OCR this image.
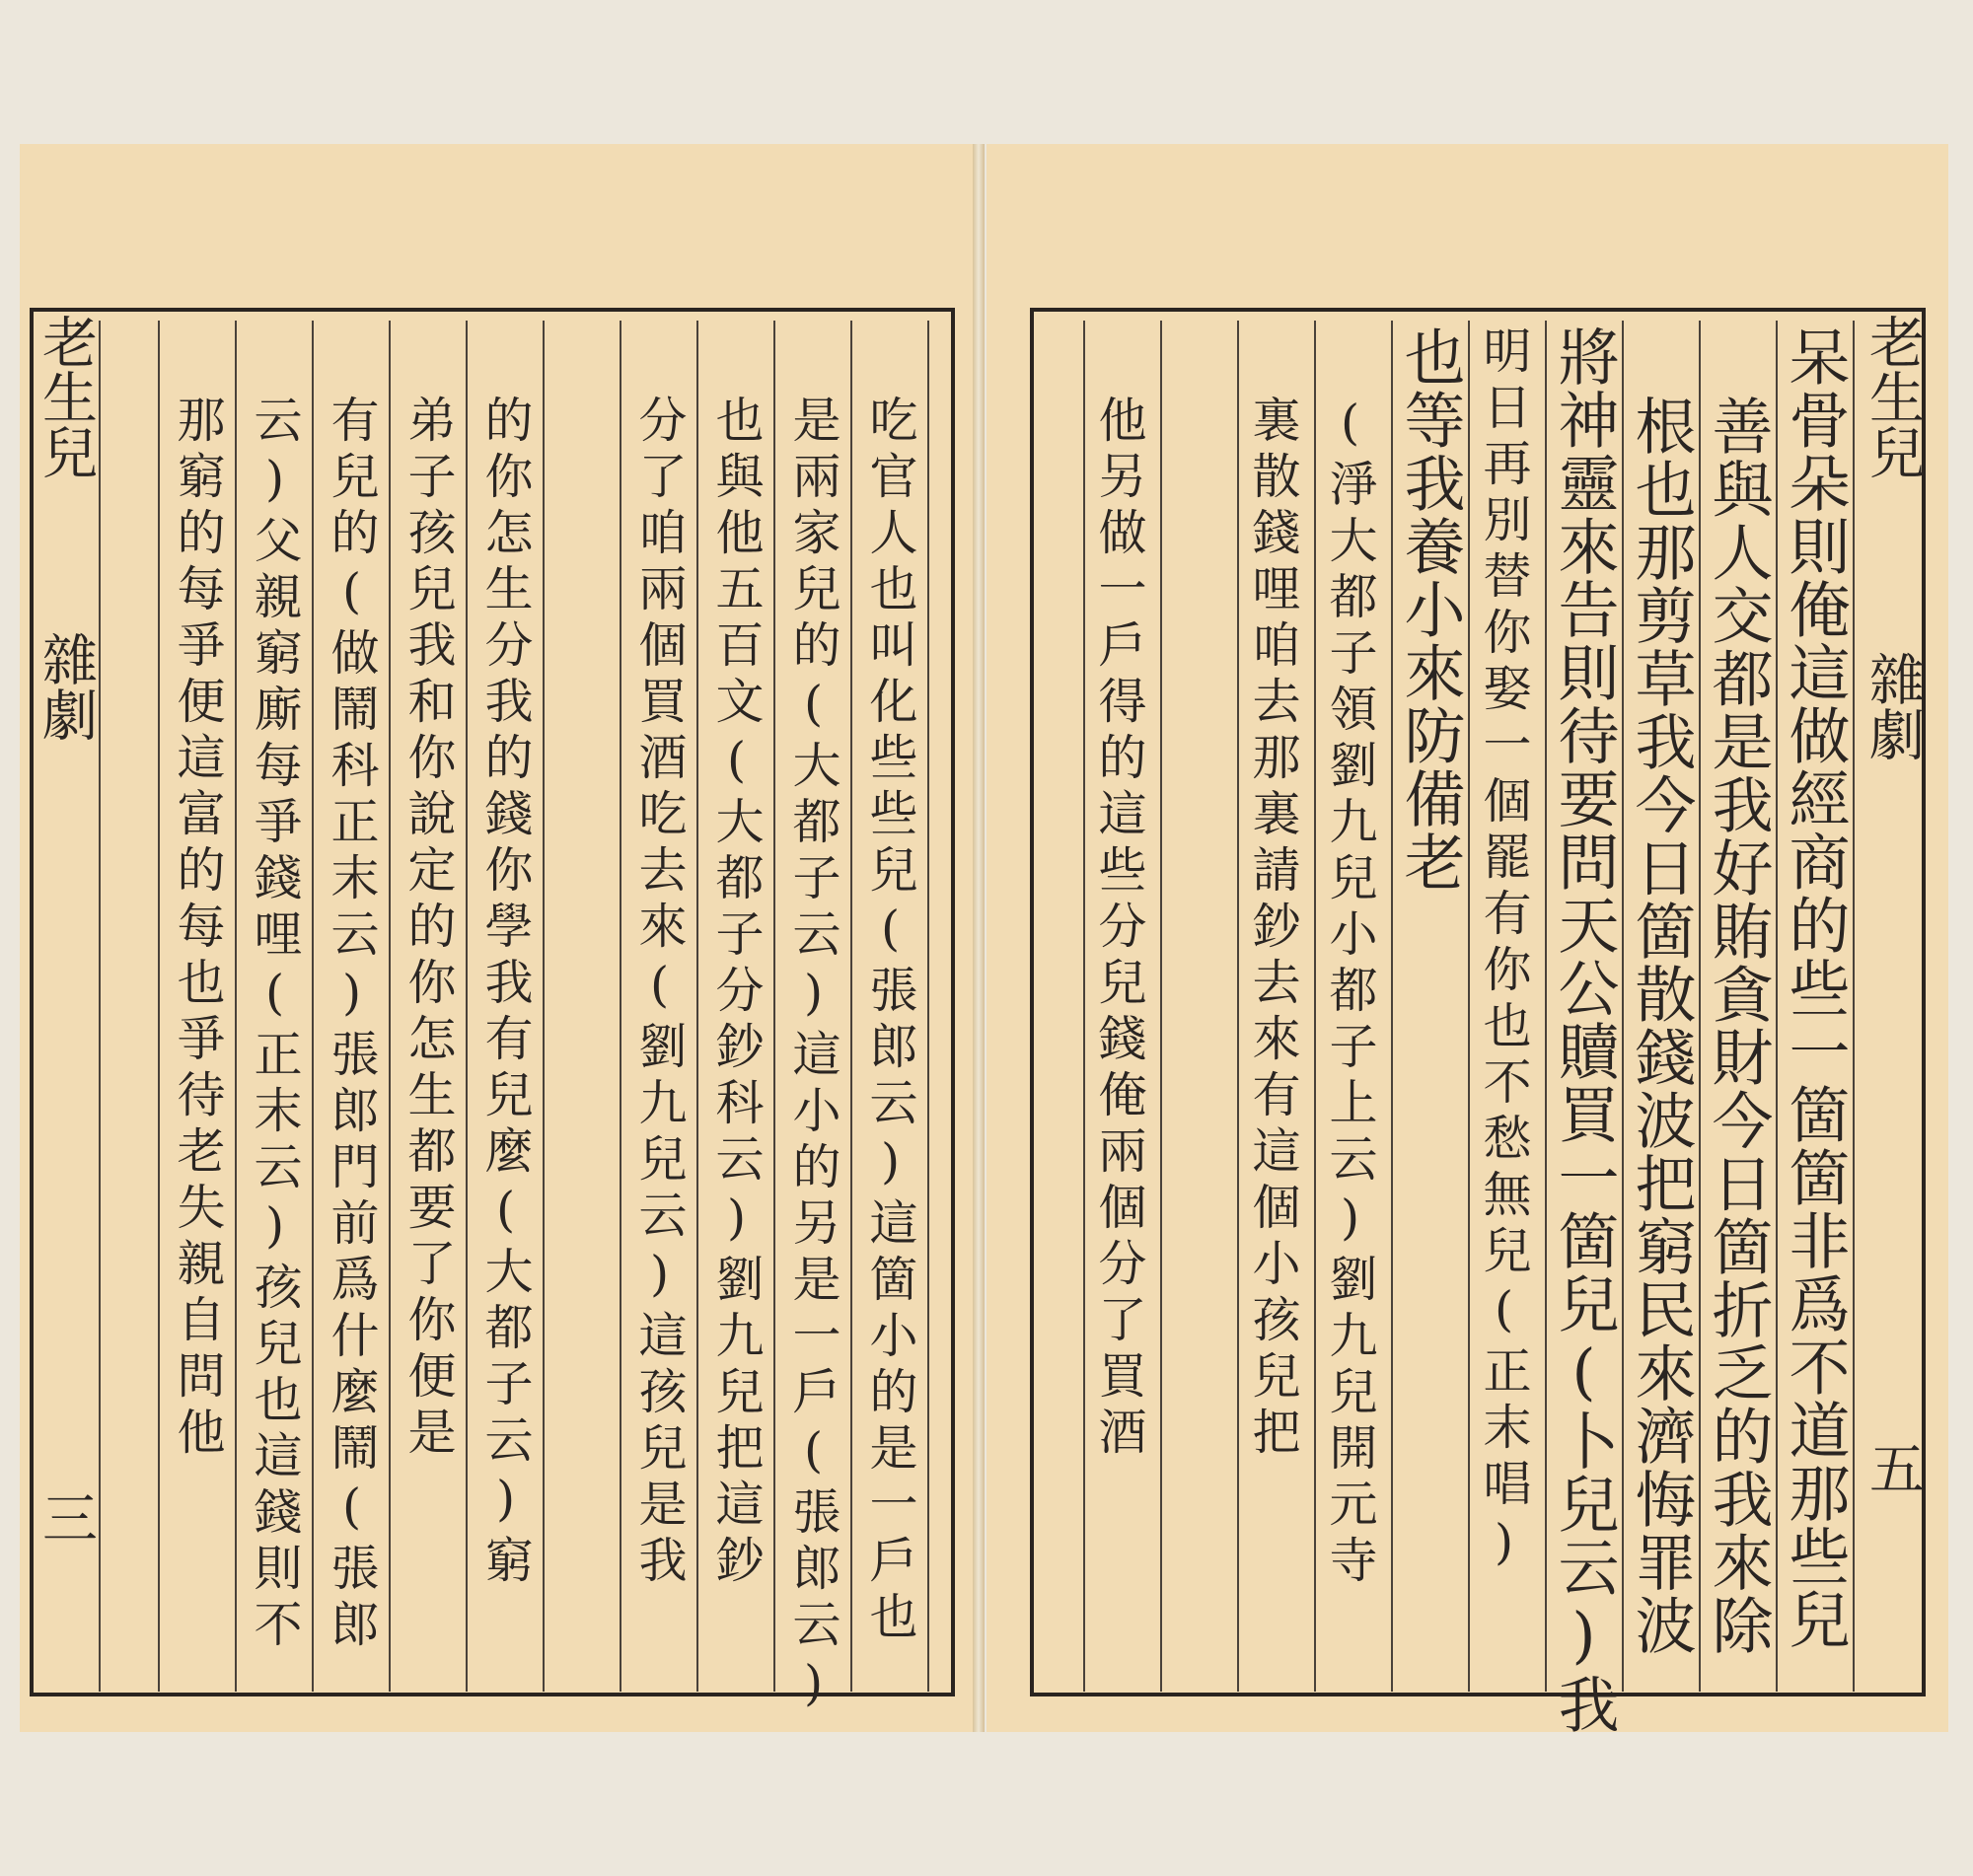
老生兒
雜劇
五
呆骨朵則俺這做經商的些一箇箇非爲不道那些兒
善與人交都是我好賄貪財今日箇折乏的我來除
根也那剪草我今日箇散錢波把窮民來濟悔罪波
將神靈來告則待要問天公贖買一箇兒(卜兒云)我
明日再別替你娶一個罷有你也不愁無兒(正末唱)
也等我養小來防備老
(淨大都子領劉九兒小都子上云)劉九兒開元寺
裏散錢哩咱去那裏請鈔去來有這個小孩兒把
他另做一戶得的這些分兒錢俺兩個分了買酒
老生兒
雜劇
三	吃官人也叫化些些兒(張郎云)這箇小的是一戶也
是兩家兒的(大都子云)這小的另是一戶(張郎云)
也與他五百文(大都子分鈔科云)劉九兒把這鈔
分了咱兩個買酒吃去來(劉九兒云)這孩兒是我
的你怎生分我的錢你學我有兒麼(大都子云)窮
弟子孩兒我和你說定的你怎生都要了你便是
有兒的(做鬧科正末云)張郎門前爲什麼鬧(張郎
云)父親窮廝每爭錢哩(正末云)孩兒也這錢則不
那窮的每爭便這富的每也爭待老失親自問他
